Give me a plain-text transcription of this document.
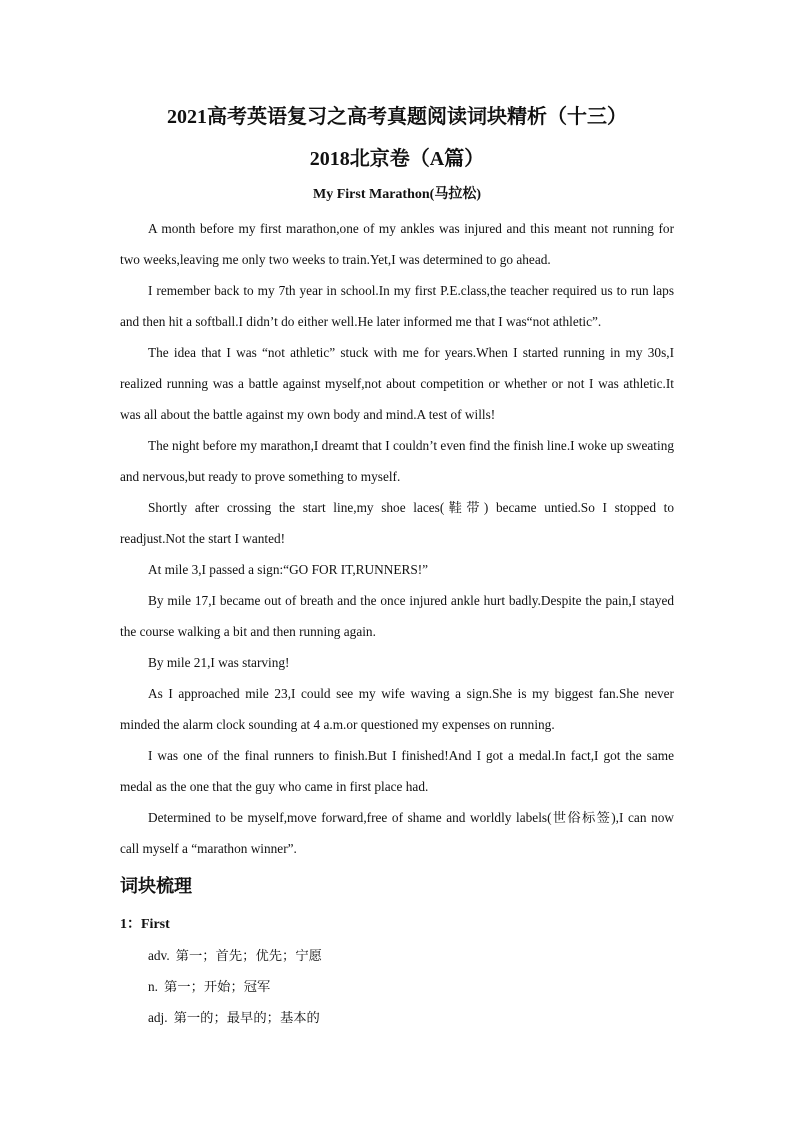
2021高考英语复习之高考真题阅读词块精析（十三）
2018北京卷（A篇）
My First Marathon(马拉松)

A month before my first marathon,one of my ankles was injured and this meant not running for two weeks,leaving me only two weeks to train.Yet,I was determined to go ahead.

I remember back to my 7th year in school.In my first P.E.class,the teacher required us to run laps and then hit a softball.I didn’t do either well.He later informed me that I was“not athletic”.

The idea that I was “not athletic” stuck with me for years.When I started running in my 30s,I realized running was a battle against myself,not about competition or whether or not I was athletic.It was all about the battle against my own body and mind.A test of wills!

The night before my marathon,I dreamt that I couldn’t even find the finish line.I woke up sweating and nervous,but ready to prove something to myself.

Shortly after crossing the start line,my shoe laces(鞋带) became untied.So I stopped to readjust.Not the start I wanted!

At mile 3,I passed a sign:“GO FOR IT,RUNNERS!”

By mile 17,I became out of breath and the once injured ankle hurt badly.Despite the pain,I stayed the course walking a bit and then running again.

By mile 21,I was starving!

As I approached mile 23,I could see my wife waving a sign.She is my biggest fan.She never minded the alarm clock sounding at 4 a.m.or questioned my expenses on running.

I was one of the final runners to finish.But I finished!And I got a medal.In fact,I got the same medal as the one that the guy who came in first place had.

Determined to be myself,move forward,free of shame and worldly labels(世俗标签),I can now call myself a “marathon winner”.

词块梳理

1：First

adv. 第一；首先；优先；宁愿

n. 第一；开始；冠军

adj. 第一的；最早的；基本的
